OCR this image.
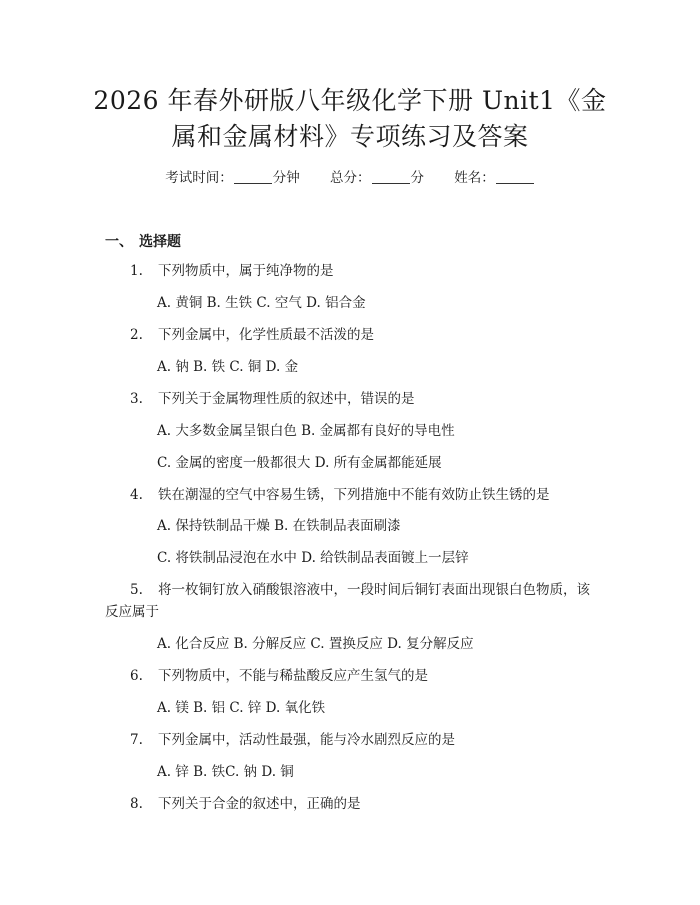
2026 年春外研版八年级化学下册 Unit1《金
属和金属材料》专项练习及答案
考试时间：	分钟 总分：	分 姓名：
一、 选择题
1. 下列物质中，属于纯净物的是
A. 黄铜 B. 生铁 C. 空气 D. 铝合金
2. 下列金属中，化学性质最不活泼的是
A. 钠 B. 铁 C. 铜 D. 金
3. 下列关于金属物理性质的叙述中，错误的是
A. 大多数金属呈银白色 B. 金属都有良好的导电性
C. 金属的密度一般都很大 D. 所有金属都能延展
4. 铁在潮湿的空气中容易生锈，下列措施中不能有效防止铁生锈的是
A. 保持铁制品干燥 B. 在铁制品表面刷漆
C. 将铁制品浸泡在水中 D. 给铁制品表面镀上一层锌
5. 将一枚铜钉放入硝酸银溶液中，一段时间后铜钉表面出现银白色物质，该
反应属于
A. 化合反应 B. 分解反应 C. 置换反应 D. 复分解反应
6. 下列物质中，不能与稀盐酸反应产生氢气的是
A. 镁 B. 铝 C. 锌 D. 氧化铁
7. 下列金属中，活动性最强，能与冷水剧烈反应的是
A. 锌 B. 铁C. 钠 D. 铜
8. 下列关于合金的叙述中，正确的是
